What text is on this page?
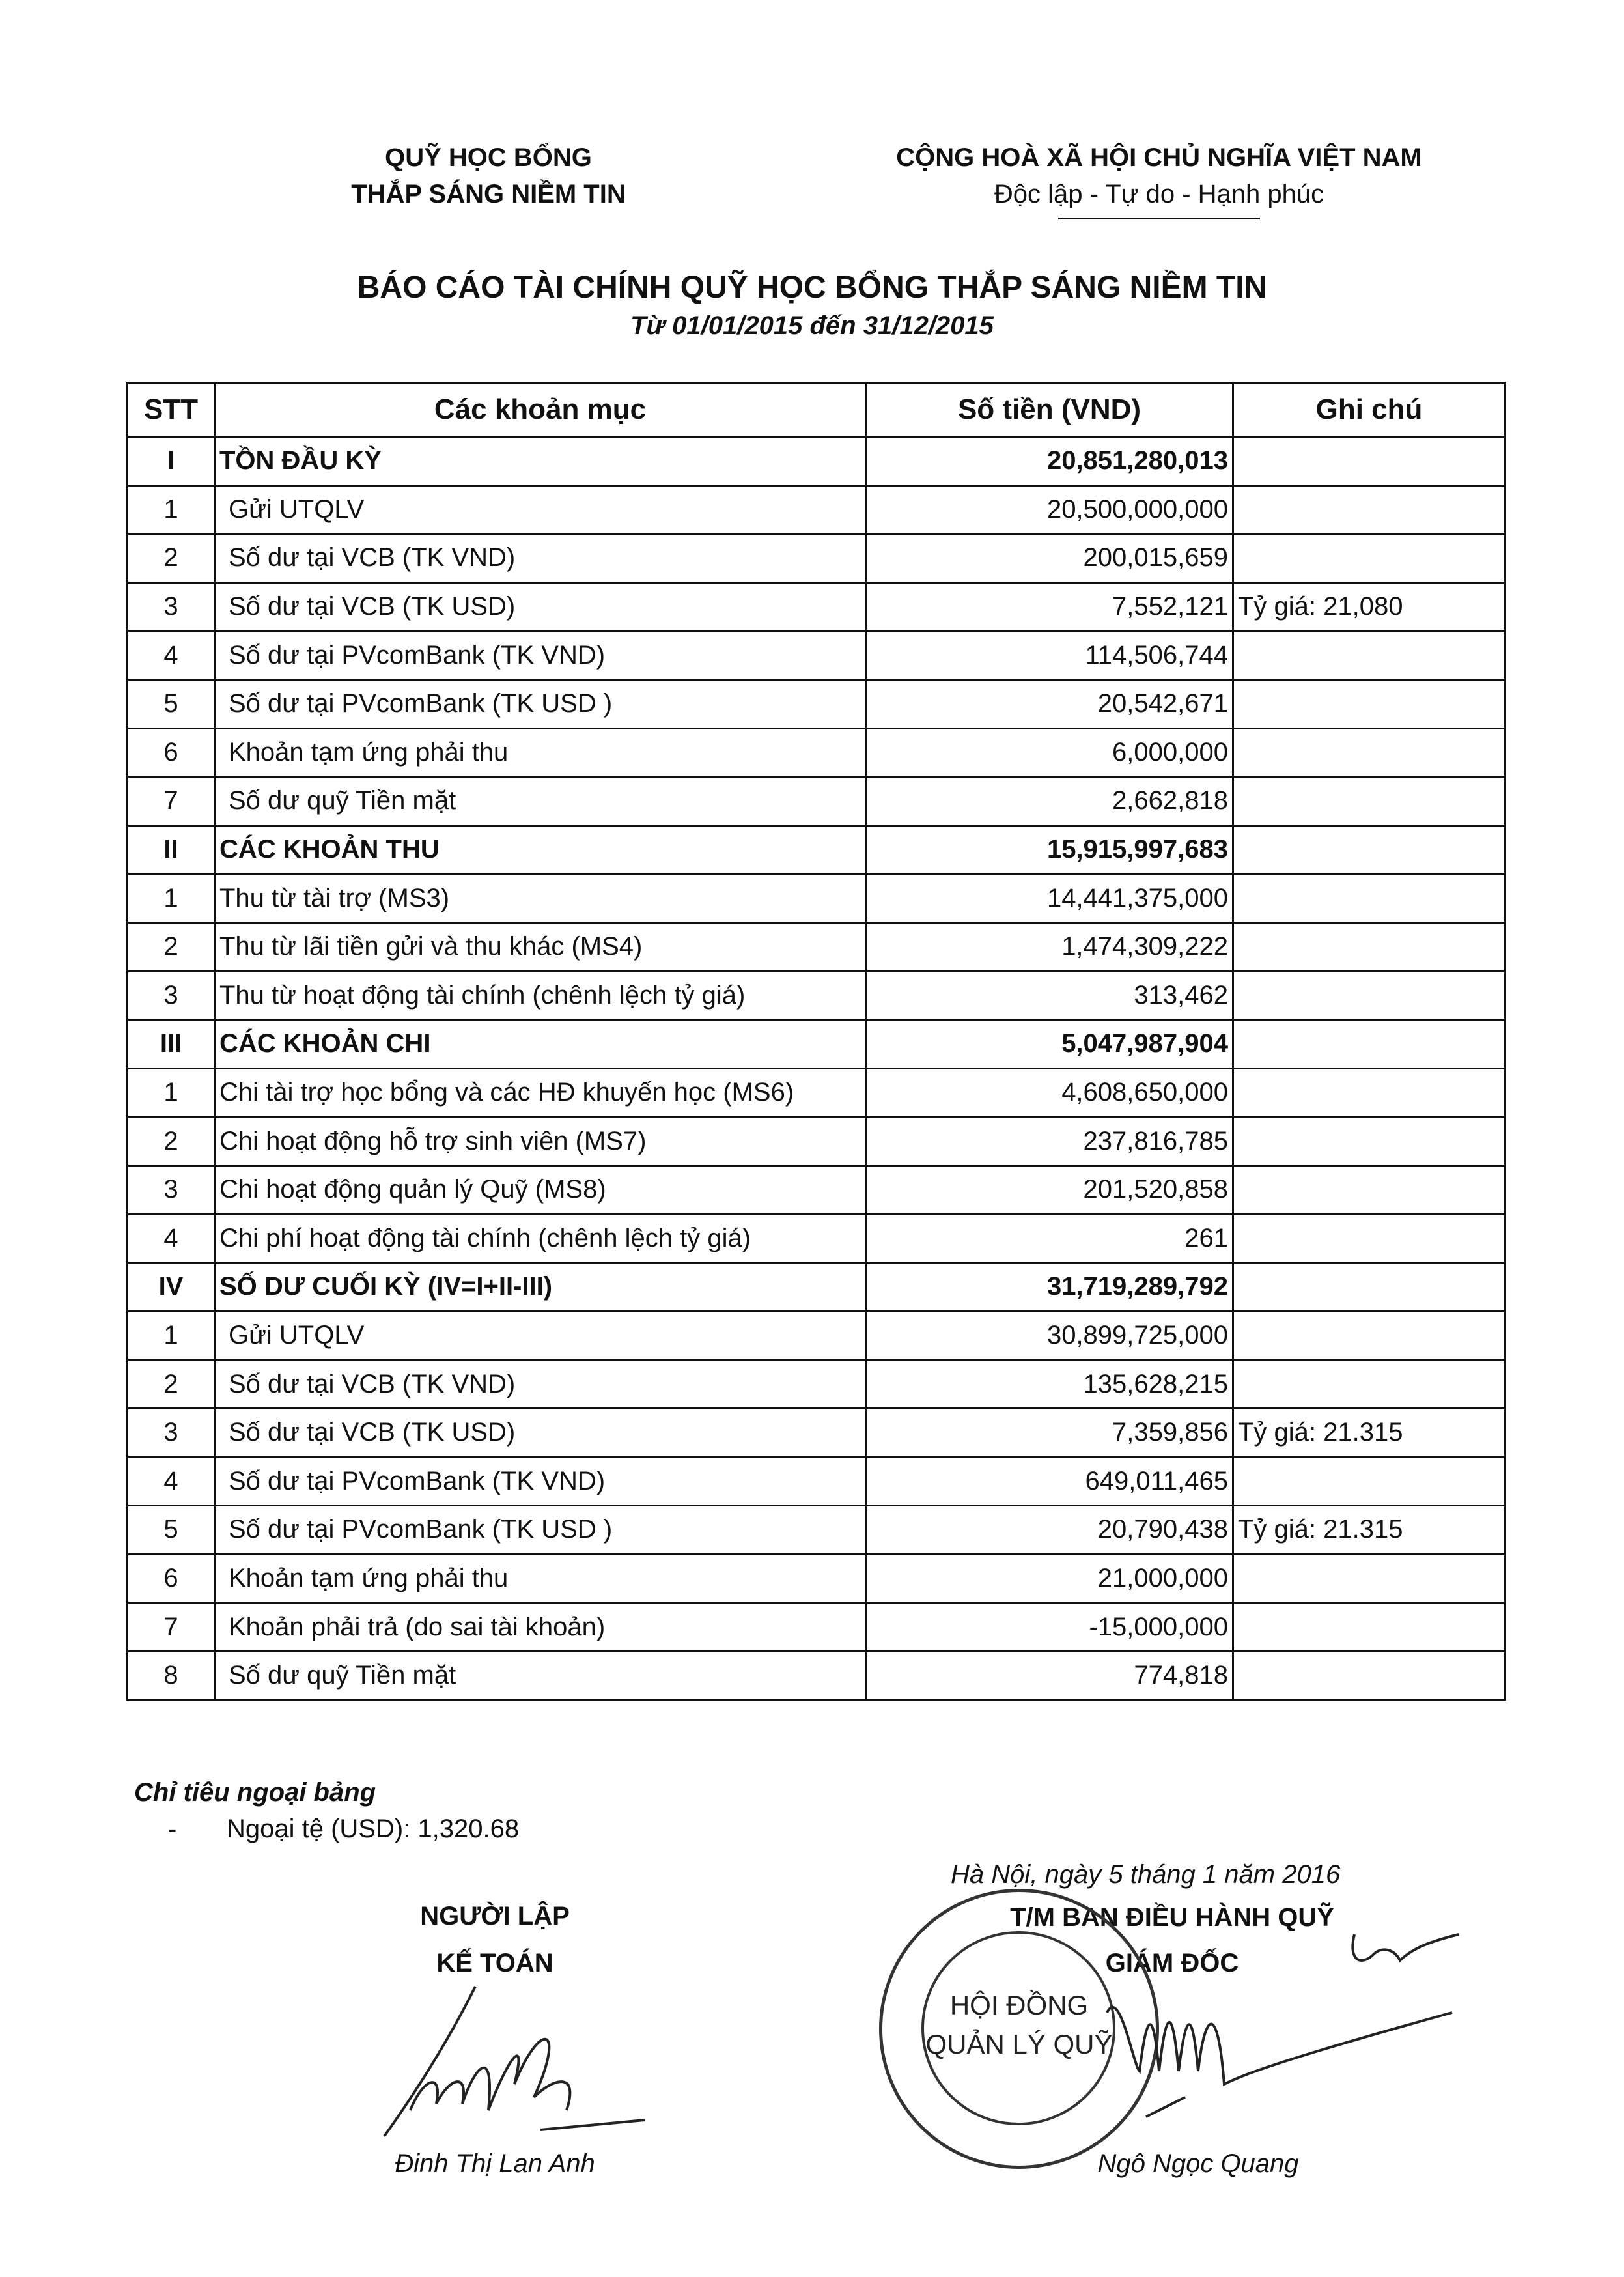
QUỸ HỌC BỔNG
THẮP SÁNG NIỀM TIN
CỘNG HOÀ XÃ HỘI CHỦ NGHĨA VIỆT NAM
Độc lập - Tự do - Hạnh phúc
BÁO CÁO TÀI CHÍNH QUỸ HỌC BỔNG THẮP SÁNG NIỀM TIN
Từ 01/01/2015 đến 31/12/2015
STT	Các khoản mục	Số tiền (VND)	Ghi chú
I	TỒN ĐẦU KỲ	20,851,280,013	
1	Gửi UTQLV	20,500,000,000	
2	Số dư tại VCB (TK VND)	200,015,659	
3	Số dư tại VCB (TK USD)	7,552,121	Tỷ giá: 21,080
4	Số dư tại PVcomBank (TK VND)	114,506,744	
5	Số dư tại PVcomBank (TK USD )	20,542,671	
6	Khoản tạm ứng phải thu	6,000,000	
7	Số dư quỹ Tiền mặt	2,662,818	
II	CÁC KHOẢN THU	15,915,997,683	
1	Thu từ tài trợ (MS3)	14,441,375,000	
2	Thu từ lãi tiền gửi và thu khác (MS4)	1,474,309,222	
3	Thu từ hoạt động tài chính (chênh lệch tỷ giá)	313,462	
III	CÁC KHOẢN CHI	5,047,987,904	
1	Chi tài trợ học bổng và các HĐ khuyến học (MS6)	4,608,650,000	
2	Chi hoạt động hỗ trợ sinh viên (MS7)	237,816,785	
3	Chi hoạt động quản lý Quỹ (MS8)	201,520,858	
4	Chi phí hoạt động tài chính (chênh lệch tỷ giá)	261	
IV	SỐ DƯ CUỐI KỲ (IV=I+II-III)	31,719,289,792	
1	Gửi UTQLV	30,899,725,000	
2	Số dư tại VCB (TK VND)	135,628,215	
3	Số dư tại VCB (TK USD)	7,359,856	Tỷ giá: 21.315
4	Số dư tại PVcomBank (TK VND)	649,011,465	
5	Số dư tại PVcomBank (TK USD )	20,790,438	Tỷ giá: 21.315
6	Khoản tạm ứng phải thu	21,000,000	
7	Khoản phải trả (do sai tài khoản)	-15,000,000	
8	Số dư quỹ Tiền mặt	774,818	
Chỉ tiêu ngoại bảng
- Ngoại tệ (USD): 1,320.68
Hà Nội, ngày 5 tháng 1 năm 2016
NGƯỜI LẬP
KẾ TOÁN
Đinh Thị Lan Anh
T/M BAN ĐIỀU HÀNH QUỸ
GIÁM ĐỐC
HỘI ĐỒNG
QUẢN LÝ QUỸ
Ngô Ngọc Quang
